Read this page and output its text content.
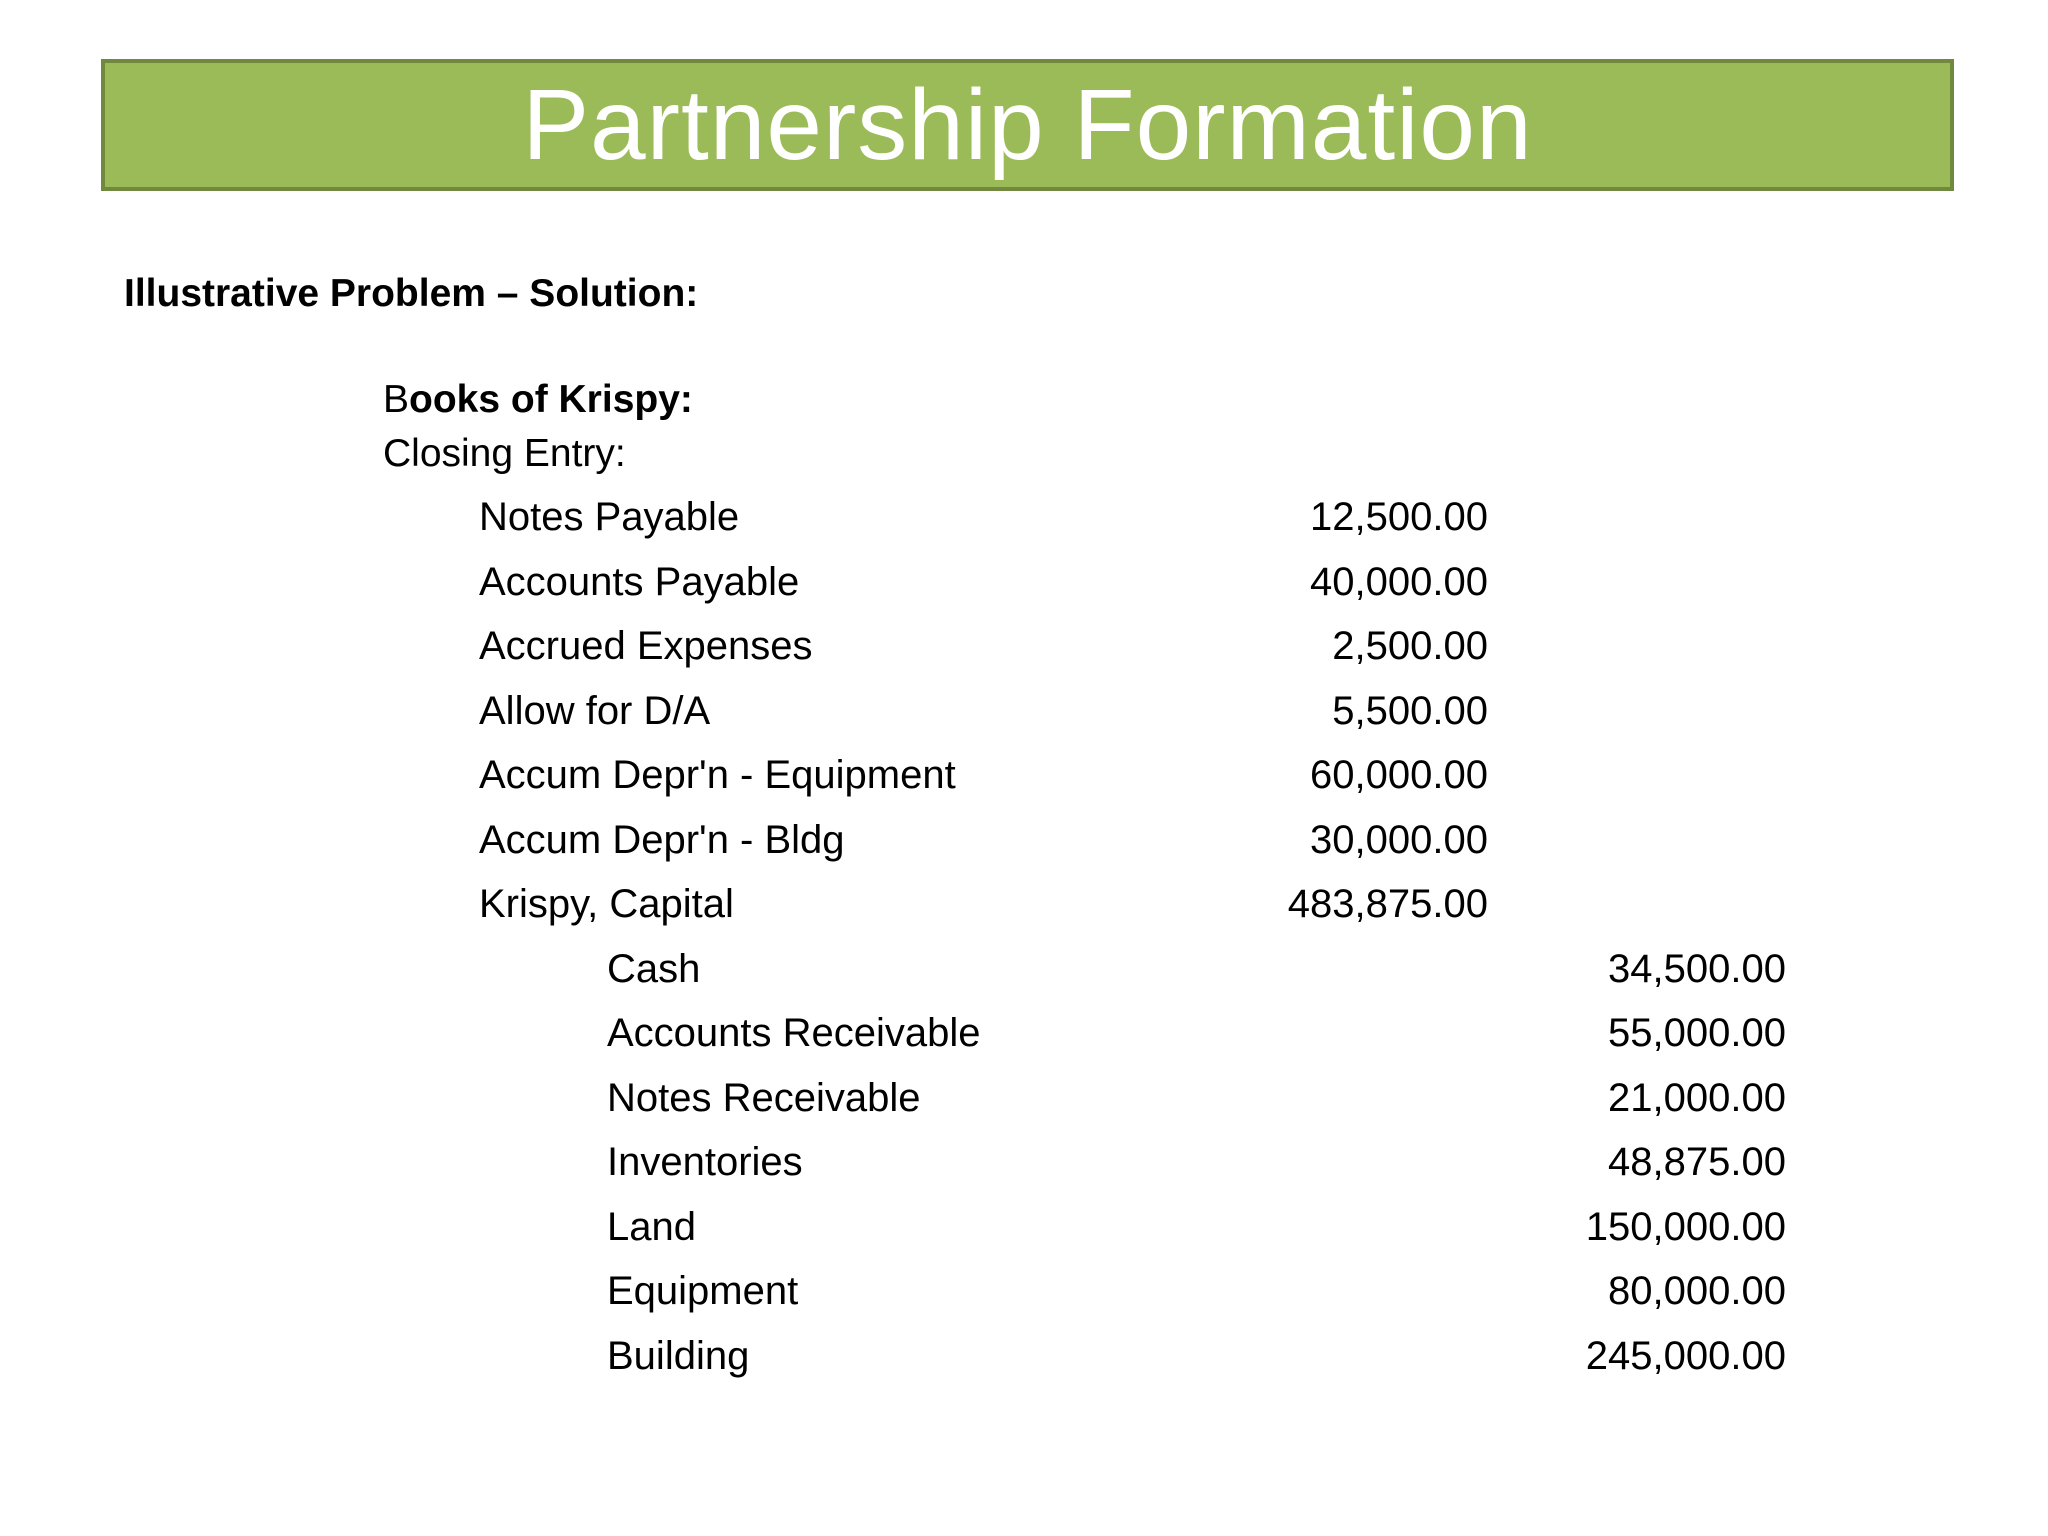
Partnership Formation
Illustrative Problem – Solution:
Books of Krispy:
Closing Entry:
Notes Payable	12,500.00
Accounts Payable	40,000.00
Accrued Expenses	2,500.00
Allow for D/A	5,500.00
Accum Depr'n - Equipment	60,000.00
Accum Depr'n - Bldg	30,000.00
Krispy, Capital	483,875.00
Cash	34,500.00
Accounts Receivable	55,000.00
Notes Receivable	21,000.00
Inventories	48,875.00
Land	150,000.00
Equipment	80,000.00
Building	245,000.00
